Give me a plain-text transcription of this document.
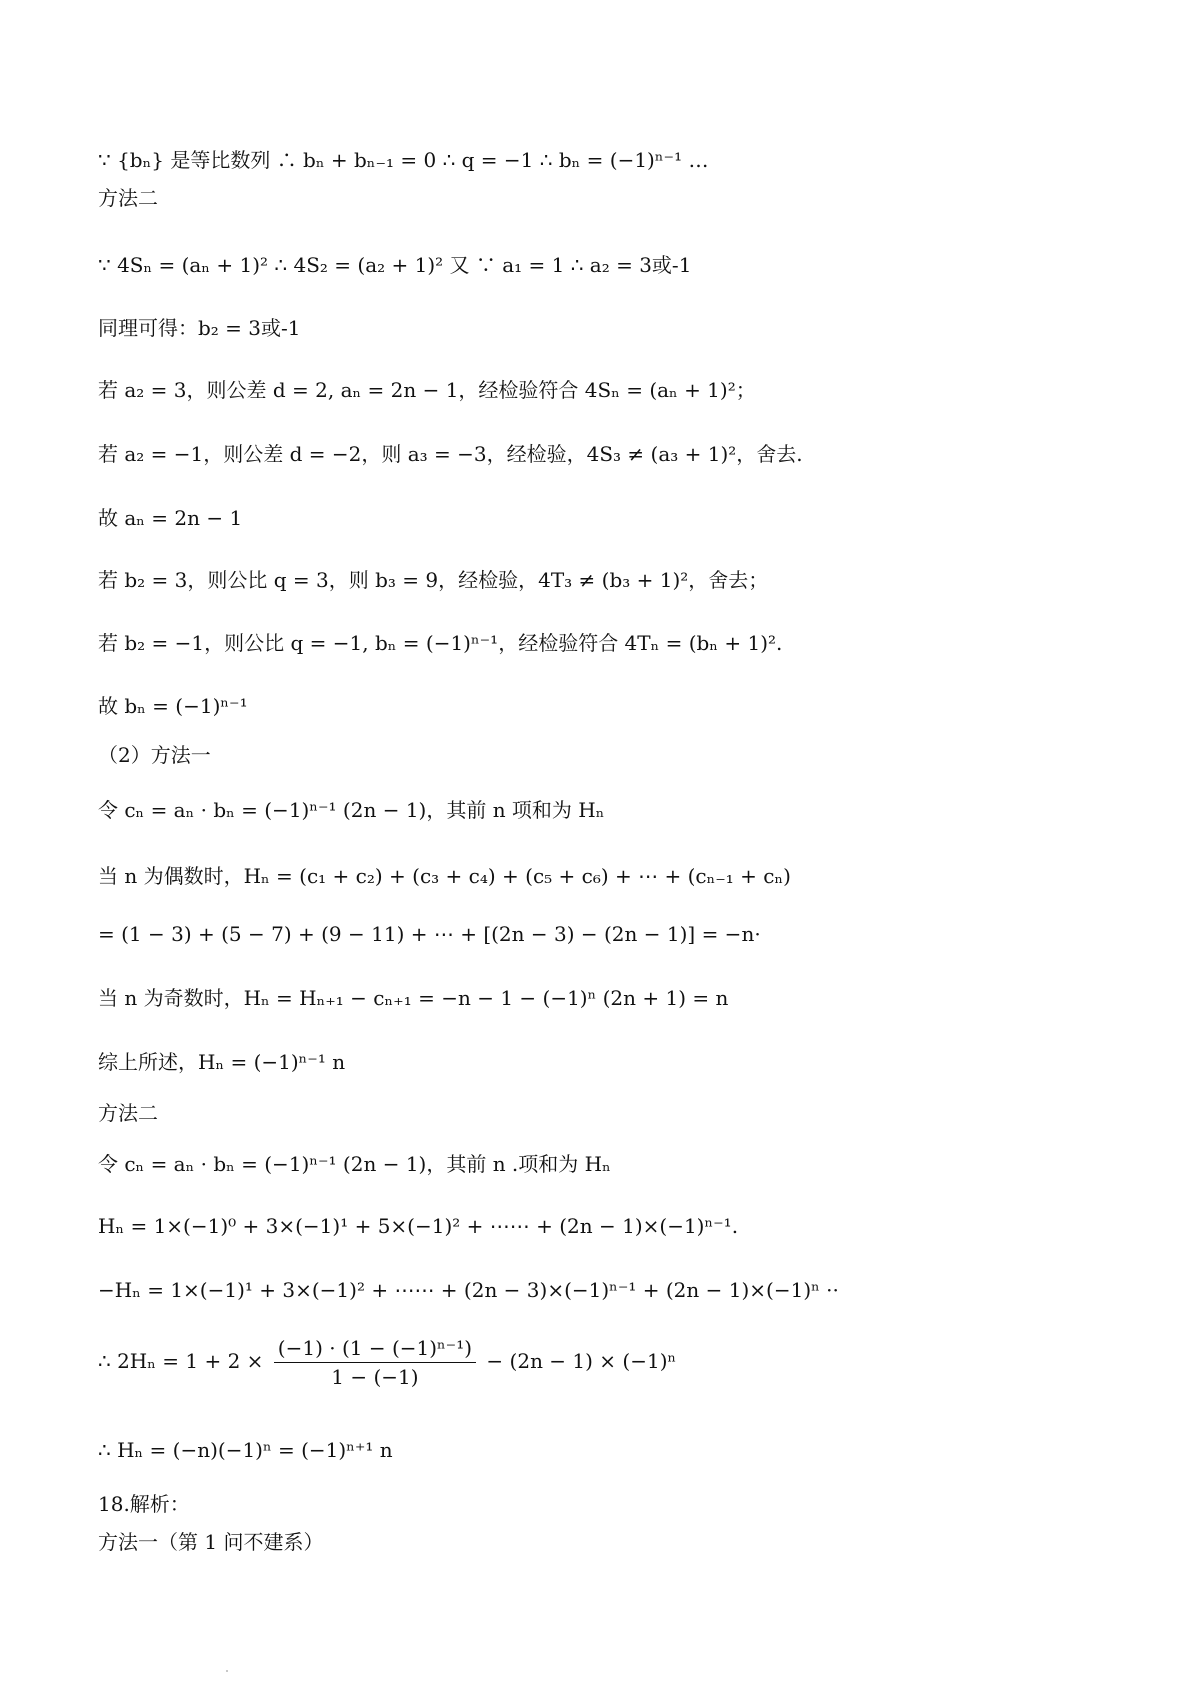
∵ {bₙ} 是等比数列 ∴ bₙ + bₙ₋₁ = 0 ∴ q = −1 ∴ bₙ = (−1)ⁿ⁻¹ …
方法二
∵ 4Sₙ = (aₙ + 1)² ∴ 4S₂ = (a₂ + 1)² 又 ∵ a₁ = 1 ∴ a₂ = 3或-1
同理可得：b₂ = 3或-1
若 a₂ = 3，则公差 d = 2, aₙ = 2n − 1，经检验符合 4Sₙ = (aₙ + 1)²；
若 a₂ = −1，则公差 d = −2，则 a₃ = −3，经检验，4S₃ ≠ (a₃ + 1)²，舍去.
故 aₙ = 2n − 1
若 b₂ = 3，则公比 q = 3，则 b₃ = 9，经检验，4T₃ ≠ (b₃ + 1)²，舍去；
若 b₂ = −1，则公比 q = −1, bₙ = (−1)ⁿ⁻¹，经检验符合 4Tₙ = (bₙ + 1)².
故 bₙ = (−1)ⁿ⁻¹
（2）方法一
令 cₙ = aₙ · bₙ = (−1)ⁿ⁻¹ (2n − 1)，其前 n 项和为 Hₙ
当 n 为偶数时，Hₙ = (c₁ + c₂) + (c₃ + c₄) + (c₅ + c₆) + ⋯ + (cₙ₋₁ + cₙ)
= (1 − 3) + (5 − 7) + (9 − 11) + ⋯ + [(2n − 3) − (2n − 1)] = −n·
当 n 为奇数时，Hₙ = Hₙ₊₁ − cₙ₊₁ = −n − 1 − (−1)ⁿ (2n + 1) = n
综上所述，Hₙ = (−1)ⁿ⁻¹ n
方法二
令 cₙ = aₙ · bₙ = (−1)ⁿ⁻¹ (2n − 1)，其前 n .项和为 Hₙ
Hₙ = 1×(−1)⁰ + 3×(−1)¹ + 5×(−1)² + ⋯⋯ + (2n − 1)×(−1)ⁿ⁻¹.
−Hₙ = 1×(−1)¹ + 3×(−1)² + ⋯⋯ + (2n − 3)×(−1)ⁿ⁻¹ + (2n − 1)×(−1)ⁿ ··
∴ $2H_n = 1 + 2 \times \frac{\text{(−1) · (1 − (−1)ⁿ⁻¹)}}{1 - (-1)} - (2n - 1) \times (-1)^n$
∴ Hₙ = (−n)(−1)ⁿ = (−1)ⁿ⁺¹ n
18.解析：
方法一（第 1 问不建系）
